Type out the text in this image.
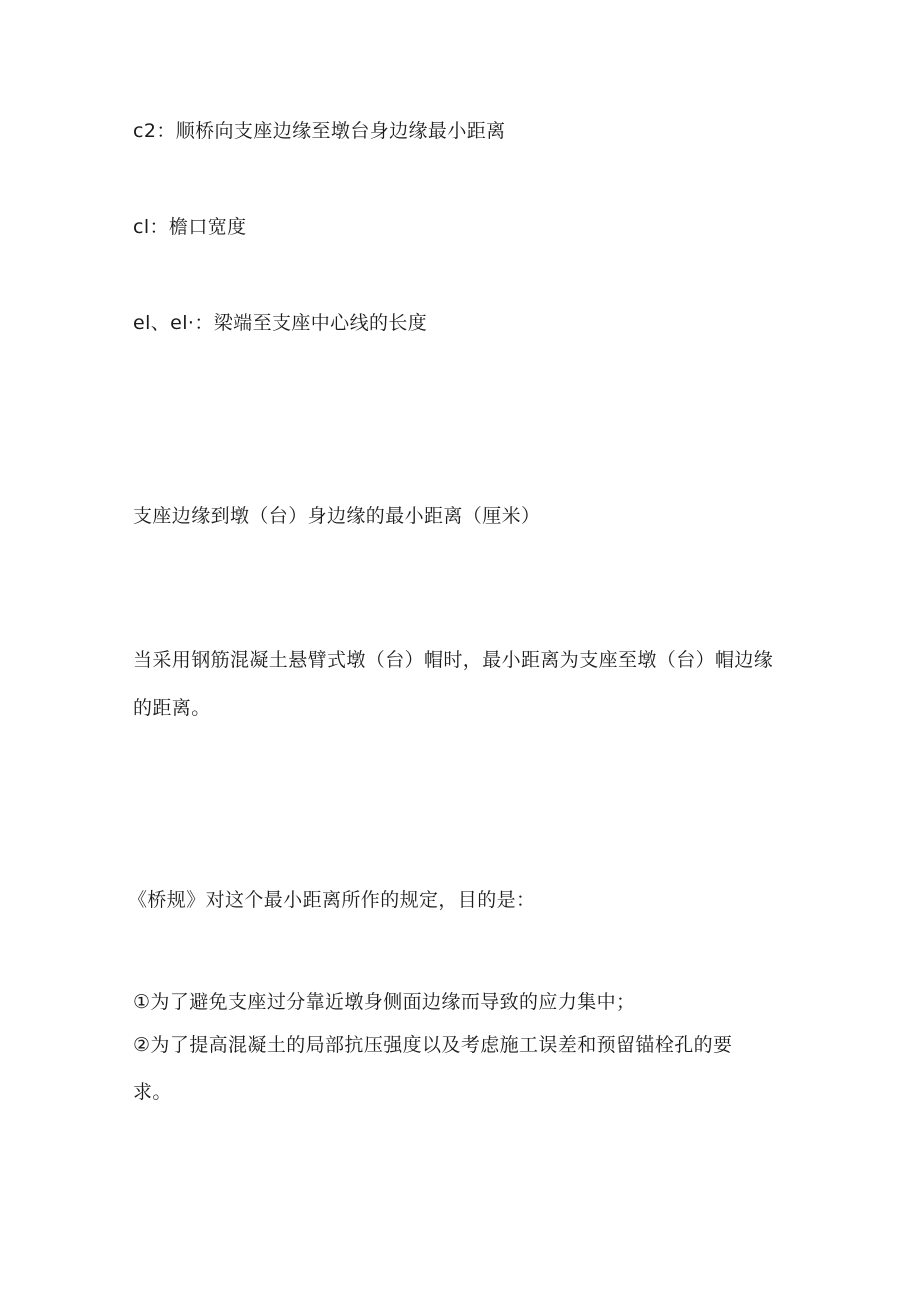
c2：顺桥向支座边缘至墩台身边缘最小距离
cl：檐口宽度
el、el·：梁端至支座中心线的长度
支座边缘到墩（台）身边缘的最小距离（厘米）
当采用钢筋混凝土悬臂式墩（台）帽时，最小距离为支座至墩（台）帽边缘
的距离。
《桥规》对这个最小距离所作的规定，目的是：
①为了避免支座过分靠近墩身侧面边缘而导致的应力集中；
②为了提高混凝土的局部抗压强度以及考虑施工误差和预留锚栓孔的要
求。
